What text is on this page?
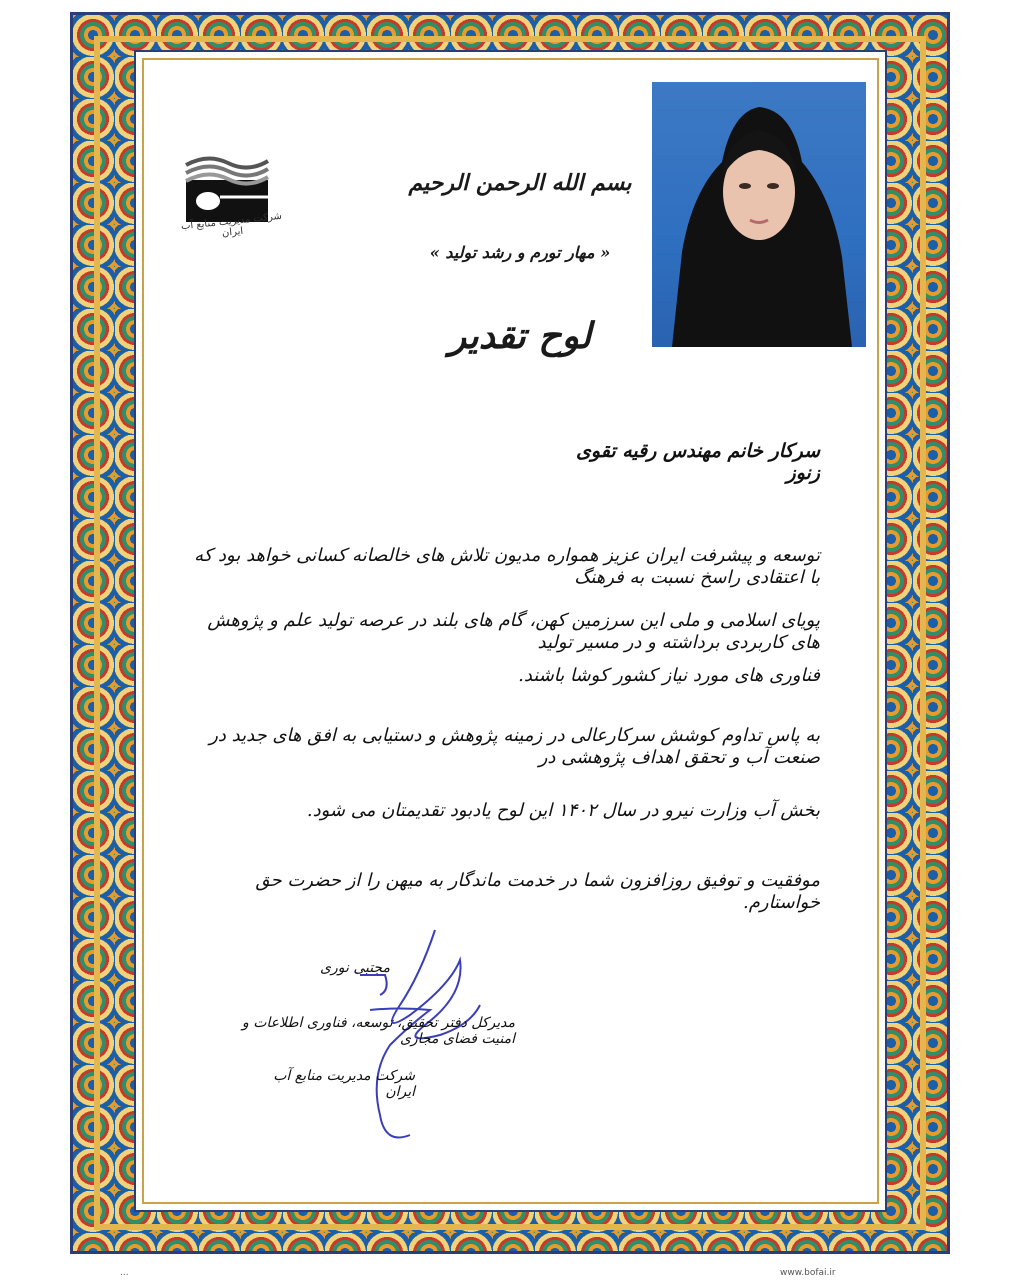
شرکت مدیریت منابع آب ایران
بسم الله الرحمن الرحیم
« مهار تورم و رشد تولید »
لوح تقدیر
سرکار خانم مهندس رقیه تقوی زنوز
توسعه و پیشرفت ایران عزیز همواره مدیون تلاش های خالصانه کسانی خواهد بود که با اعتقادی راسخ نسبت به فرهنگ
پویای اسلامی و ملی این سرزمین کهن، گام های بلند در عرصه تولید علم و پژوهش های کاربردی برداشته و در مسیر تولید
فناوری های مورد نیاز کشور کوشا باشند.
به پاس تداوم کوشش سرکارعالی در زمینه پژوهش و دستیابی به افق های جدید در صنعت آب و تحقق اهداف پژوهشی در
بخش آب وزارت نیرو در سال ۱۴۰۲ این لوح یادبود تقدیمتان می شود.
موفقیت و توفیق روزافزون شما در خدمت ماندگار به میهن را از حضرت حق خواستارم.
مجتبی نوری
مدیرکل دفتر تحقیق، توسعه، فناوری اطلاعات و امنیت فضای مجازی
شرکت مدیریت منابع آب ایران
...	www.bofai.ir
